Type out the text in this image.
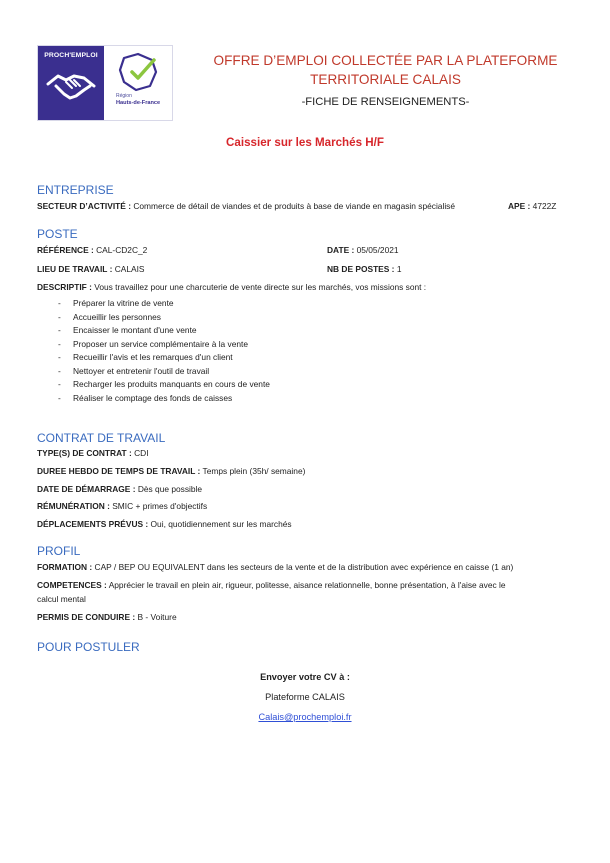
PROCH'EMPLOI
Région
Hauts-de-France
OFFRE D’EMPLOI COLLECTÉE PAR LA PLATEFORME
TERRITORIALE CALAIS
-FICHE DE RENSEIGNEMENTS-
Caissier sur les Marchés H/F
ENTREPRISE
SECTEUR D’ACTIVITÉ : Commerce de détail de viandes et de produits à base de viande en magasin spécialisé	APE : 4722Z
POSTE
RÉFÉRENCE : CAL-CD2C_2	DATE : 05/05/2021
LIEU DE TRAVAIL : CALAIS	NB DE POSTES : 1
DESCRIPTIF : Vous travaillez pour une charcuterie de vente directe sur les marchés, vos missions sont :
- Préparer la vitrine de vente
- Accueillir les personnes
- Encaisser le montant d'une vente
- Proposer un service complémentaire à la vente
- Recueillir l'avis et les remarques d'un client
- Nettoyer et entretenir l'outil de travail
- Recharger les produits manquants en cours de vente
- Réaliser le comptage des fonds de caisses
CONTRAT DE TRAVAIL
TYPE(S) DE CONTRAT : CDI
DUREE HEBDO DE TEMPS DE TRAVAIL : Temps plein (35h/ semaine)
DATE DE DÉMARRAGE : Dès que possible
RÉMUNÉRATION : SMIC + primes d'objectifs
DÉPLACEMENTS PRÉVUS : Oui, quotidiennement sur les marchés
PROFIL
FORMATION : CAP / BEP OU EQUIVALENT dans les secteurs de la vente et de la distribution avec expérience en caisse (1 an)
COMPETENCES : Apprécier le travail en plein air, rigueur, politesse, aisance relationnelle, bonne présentation, à l'aise avec le
calcul mental
PERMIS DE CONDUIRE : B - Voiture
POUR POSTULER
Envoyer votre CV à :
Plateforme CALAIS
Calais@prochemploi.fr
